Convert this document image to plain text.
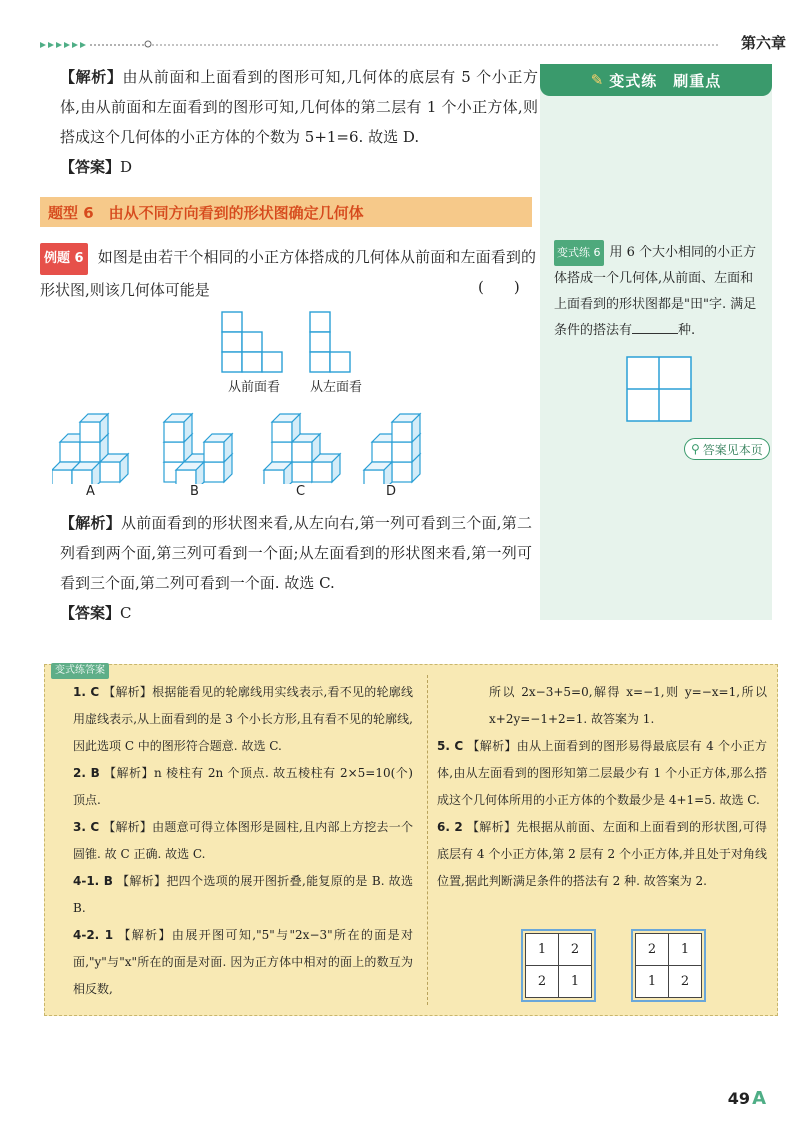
第六章
【解析】由从前面和上面看到的图形可知,几何体的底层有 5 个小正方体,由从前面和左面看到的图形可知,几何体的第二层有 1 个小正方体,则搭成这个几何体的小正方体的个数为 5+1=6. 故选 D.
【答案】D
题型 6　由从不同方向看到的形状图确定几何体
例题 6 如图是由若干个相同的小正方体搭成的几何体从前面和左面看到的形状图,则该几何体可能是	(　　)
从前面看 从左面看
A	B	C	D
【解析】从前面看到的形状图来看,从左向右,第一列可看到三个面,第二列看到两个面,第三列可看到一个面;从左面看到的形状图来看,第一列可看到三个面,第二列可看到一个面. 故选 C.
【答案】C
✎ 变式练　刷重点
变式练 6 用 6 个大小相同的小正方体搭成一个几何体,从前面、左面和上面看到的形状图都是"田"字. 满足条件的搭法有	种.
⚲ 答案见本页
变式练答案
1. C 【解析】根据能看见的轮廓线用实线表示,看不见的轮廓线用虚线表示,从上面看到的是 3 个小长方形,且有看不见的轮廓线,因此选项 C 中的图形符合题意. 故选 C.
2. B 【解析】n 棱柱有 2n 个顶点. 故五棱柱有 2×5=10(个)顶点.
3. C 【解析】由题意可得立体图形是圆柱,且内部上方挖去一个圆锥. 故 C 正确. 故选 C.
4-1. B 【解析】把四个选项的展开图折叠,能复原的是 B. 故选 B.
4-2. 1 【解析】由展开图可知,"5"与"2x−3"所在的面是对面,"y"与"x"所在的面是对面. 因为正方体中相对的面上的数互为相反数,
所以 2x−3+5=0,解得 x=−1,则 y=−x=1,所以 x+2y=−1+2=1. 故答案为 1.
5. C 【解析】由从上面看到的图形易得最底层有 4 个小正方体,由从左面看到的图形知第二层最少有 1 个小正方体,那么搭成这个几何体所用的小正方体的个数最少是 4+1=5. 故选 C.
6. 2 【解析】先根据从前面、左面和上面看到的形状图,可得底层有 4 个小正方体,第 2 层有 2 个小正方体,并且处于对角线位置,据此判断满足条件的搭法有 2 种. 故答案为 2.
1	2
2	1
2	1
1	2
49 A
